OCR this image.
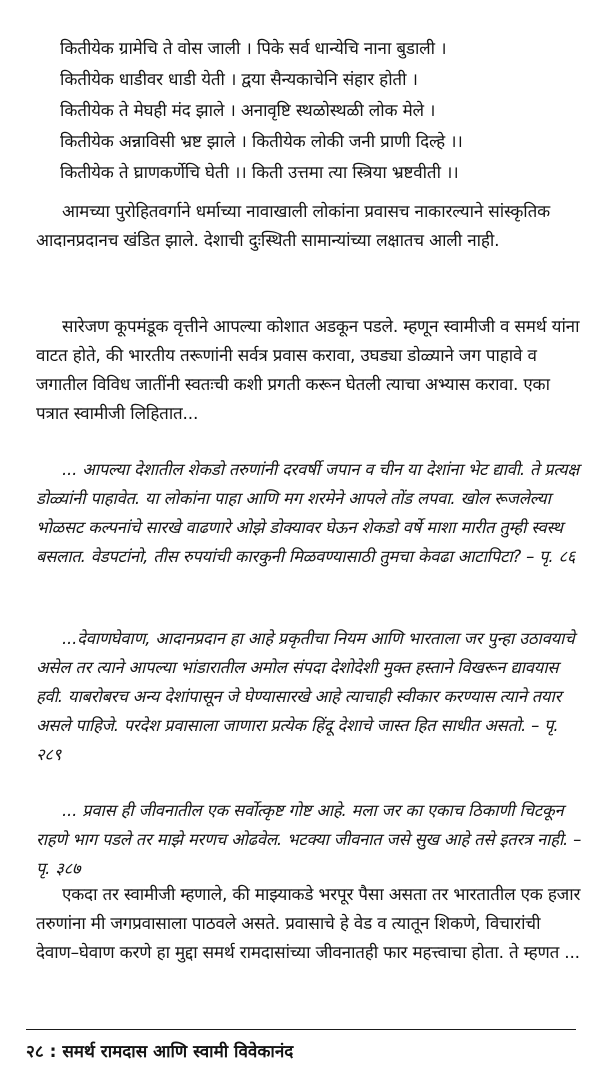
कितीयेक ग्रामेचि ते वोस जाली । पिके सर्व धान्येचि नाना बुडाली ।
कितीयेक धाडीवर धाडी येती । द्वया सैन्यकाचेनि संहार होती ।
कितीयेक ते मेघही मंद झाले । अनावृष्टि स्थळोस्थळी लोक मेले ।
कितीयेक अन्नाविसी भ्रष्ट झाले । कितीयेक लोकी जनी प्राणी दिल्हे ।।
कितीयेक ते घ्राणकर्णेचि घेती ।। किती उत्तमा त्या स्त्रिया भ्रष्टवीती ।।

आमच्या पुरोहितवर्गाने धर्माच्या नावाखाली लोकांना प्रवासच नाकारल्याने सांस्कृतिक आदानप्रदानच खंडित झाले. देशाची दुःस्थिती सामान्यांच्या लक्षातच आली नाही.

सारेजण कूपमंडूक वृत्तीने आपल्या कोशात अडकून पडले. म्हणून स्वामीजी व समर्थ यांना वाटत होते, की भारतीय तरूणांनी सर्वत्र प्रवास करावा, उघड्या डोळ्याने जग पाहावे व जगातील विविध जातींनी स्वतःची कशी प्रगती करून घेतली त्याचा अभ्यास करावा. एका पत्रात स्वामीजी लिहितात...

... आपल्या देशातील शेकडो तरुणांनी दरवर्षी जपान व चीन या देशांना भेट द्यावी. ते प्रत्यक्ष डोळ्यांनी पाहावेत. या लोकांना पाहा आणि मग शरमेने आपले तोंड लपवा. खोल रूजलेल्या भोळसट कल्पनांचे सारखे वाढणारे ओझे डोक्यावर घेऊन शेकडो वर्षे माशा मारीत तुम्ही स्वस्थ बसलात. वेडपटांनो, तीस रुपयांची कारकुनी मिळवण्यासाठी तुमचा केवढा आटापिटा? – पृ. ८६

...देवाणघेवाण, आदानप्रदान हा आहे प्रकृतीचा नियम आणि भारताला जर पुन्हा उठावयाचे असेल तर त्याने आपल्या भांडारातील अमोल संपदा देशोदेशी मुक्त हस्ताने विखरून द्यावयास हवी. याबरोबरच अन्य देशांपासून जे घेण्यासारखे आहे त्याचाही स्वीकार करण्यास त्याने तयार असले पाहिजे. परदेश प्रवासाला जाणारा प्रत्येक हिंदू देशाचे जास्त हित साधीत असतो. – पृ. २८९

... प्रवास ही जीवनातील एक सर्वोत्कृष्ट गोष्ट आहे. मला जर का एकाच ठिकाणी चिटकून राहणे भाग पडले तर माझे मरणच ओढवेल. भटक्या जीवनात जसे सुख आहे तसे इतरत्र नाही. – पृ. ३८७

एकदा तर स्वामीजी म्हणाले, की माझ्याकडे भरपूर पैसा असता तर भारतातील एक हजार तरुणांना मी जगप्रवासाला पाठवले असते. प्रवासाचे हे वेड व त्यातून शिकणे, विचारांची देवाण–घेवाण करणे हा मुद्दा समर्थ रामदासांच्या जीवनातही फार महत्त्वाचा होता. ते म्हणत ...

२८ : समर्थ रामदास आणि स्वामी विवेकानंद
